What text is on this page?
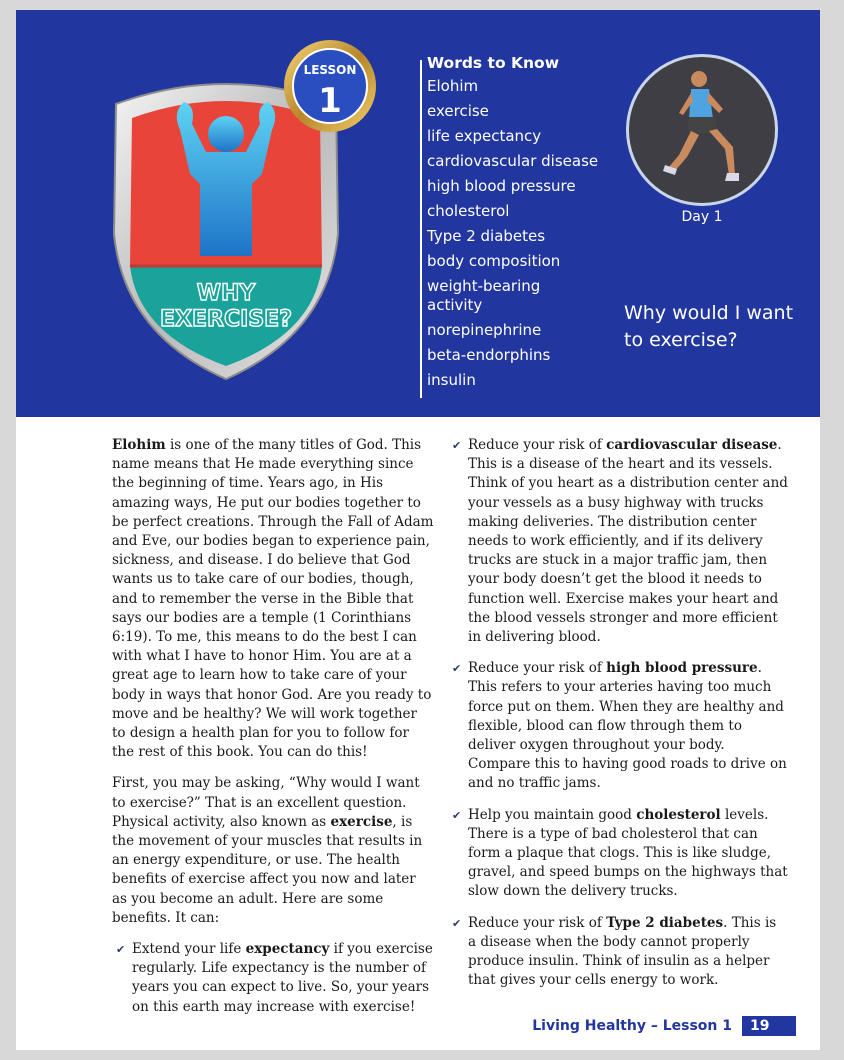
WHY
EXERCISE?
LESSON
1
Words to Know
Elohim
exercise
life expectancy
cardiovascular disease
high blood pressure
cholesterol
Type 2 diabetes
body composition
weight-bearing activity
norepinephrine
beta-endorphins
insulin
Day 1
Why would I want to exercise?

Elohim is one of the many titles of God. This name means that He made everything since the beginning of time. Years ago, in His amazing ways, He put our bodies together to be perfect creations. Through the Fall of Adam and Eve, our bodies began to experience pain, sickness, and disease. I do believe that God wants us to take care of our bodies, though, and to remember the verse in the Bible that says our bodies are a temple (1 Corinthians 6:19). To me, this means to do the best I can with what I have to honor Him. You are at a great age to learn how to take care of your body in ways that honor God. Are you ready to move and be healthy? We will work together to design a health plan for you to follow for the rest of this book. You can do this!

First, you may be asking, “Why would I want to exercise?” That is an excellent question. Physical activity, also known as exercise, is the movement of your muscles that results in an energy expenditure, or use. The health benefits of exercise affect you now and later as you become an adult. Here are some benefits. It can:

✔ Extend your life expectancy if you exercise regularly. Life expectancy is the number of years you can expect to live. So, your years on this earth may increase with exercise!
✔ Reduce your risk of cardiovascular disease. This is a disease of the heart and its vessels. Think of you heart as a distribution center and your vessels as a busy highway with trucks making deliveries. The distribution center needs to work efficiently, and if its delivery trucks are stuck in a major traffic jam, then your body doesn’t get the blood it needs to function well. Exercise makes your heart and the blood vessels stronger and more efficient in delivering blood.
✔ Reduce your risk of high blood pressure. This refers to your arteries having too much force put on them. When they are healthy and flexible, blood can flow through them to deliver oxygen throughout your body. Compare this to having good roads to drive on and no traffic jams.
✔ Help you maintain good cholesterol levels. There is a type of bad cholesterol that can form a plaque that clogs. This is like sludge, gravel, and speed bumps on the highways that slow down the delivery trucks.
✔ Reduce your risk of Type 2 diabetes. This is a disease when the body cannot properly produce insulin. Think of insulin as a helper that gives your cells energy to work.
Living Healthy – Lesson 1	19
